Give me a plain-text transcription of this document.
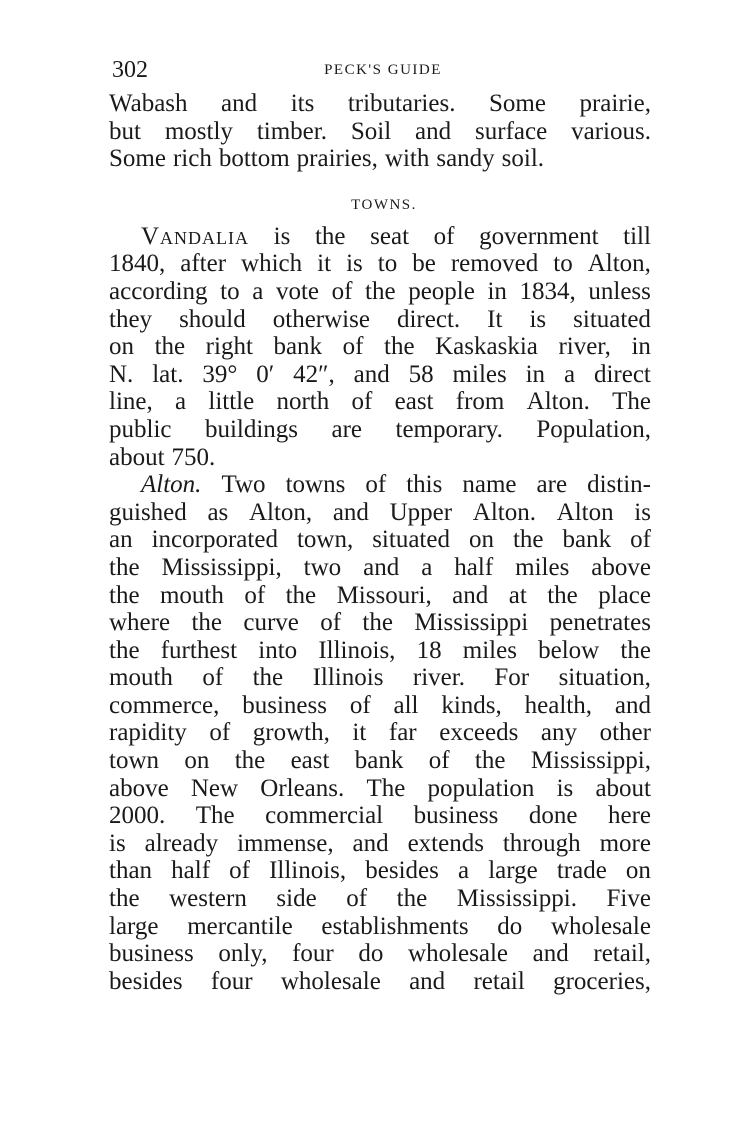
302	PECK'S GUIDE
Wabash and its tributaries. Some prairie,
but mostly timber. Soil and surface various.
Some rich bottom prairies, with sandy soil.
TOWNS.
Vandalia is the seat of government till
1840, after which it is to be removed to Alton,
according to a vote of the people in 1834, unless
they should otherwise direct. It is situated
on the right bank of the Kaskaskia river, in
N. lat. 39° 0′ 42″, and 58 miles in a direct
line, a little north of east from Alton. The
public buildings are temporary. Population,
about 750.
Alton. Two towns of this name are distin-
guished as Alton, and Upper Alton. Alton is
an incorporated town, situated on the bank of
the Mississippi, two and a half miles above
the mouth of the Missouri, and at the place
where the curve of the Mississippi penetrates
the furthest into Illinois, 18 miles below the
mouth of the Illinois river. For situation,
commerce, business of all kinds, health, and
rapidity of growth, it far exceeds any other
town on the east bank of the Mississippi,
above New Orleans. The population is about
2000. The commercial business done here
is already immense, and extends through more
than half of Illinois, besides a large trade on
the western side of the Mississippi. Five
large mercantile establishments do wholesale
business only, four do wholesale and retail,
besides four wholesale and retail groceries,
